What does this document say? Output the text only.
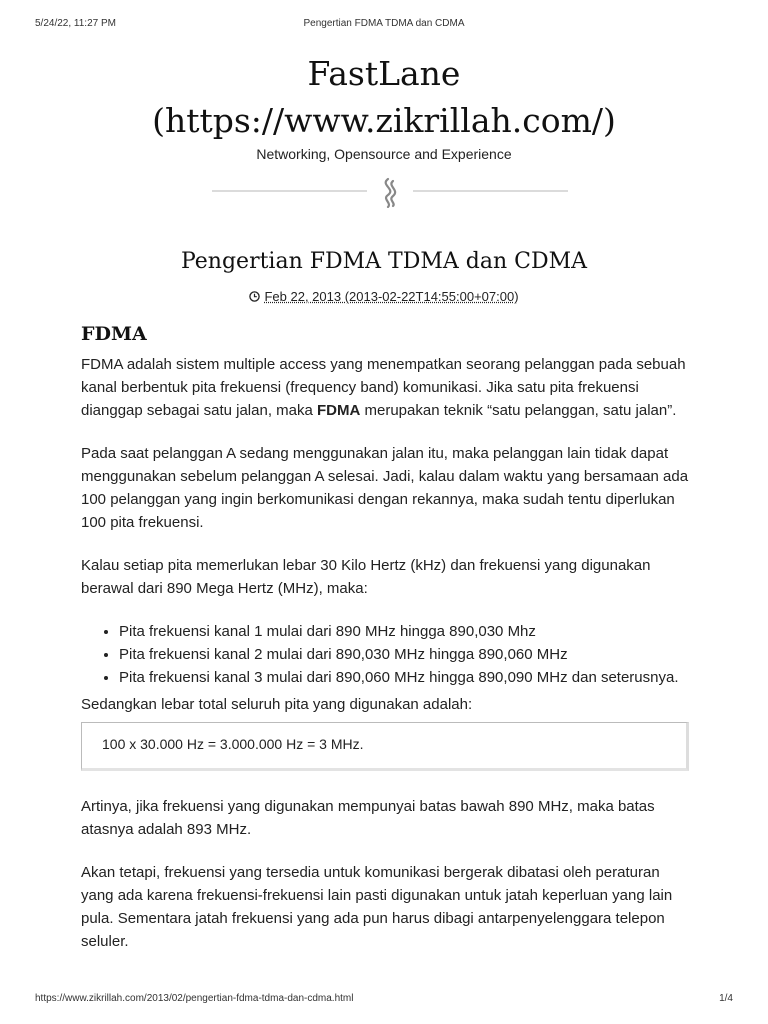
5/24/22, 11:27 PM	Pengertian FDMA TDMA dan CDMA
FastLane
(https://www.zikrillah.com/)
Networking, Opensource and Experience
Pengertian FDMA TDMA dan CDMA
Feb 22, 2013 (2013-02-22T14:55:00+07:00)
FDMA

FDMA adalah sistem multiple access yang menempatkan seorang pelanggan pada sebuah kanal berbentuk pita frekuensi (frequency band) komunikasi. Jika satu pita frekuensi dianggap sebagai satu jalan, maka FDMA merupakan teknik “satu pelanggan, satu jalan”.

Pada saat pelanggan A sedang menggunakan jalan itu, maka pelanggan lain tidak dapat menggunakan sebelum pelanggan A selesai. Jadi, kalau dalam waktu yang bersamaan ada 100 pelanggan yang ingin berkomunikasi dengan rekannya, maka sudah tentu diperlukan 100 pita frekuensi.

Kalau setiap pita memerlukan lebar 30 Kilo Hertz (kHz) dan frekuensi yang digunakan berawal dari 890 Mega Hertz (MHz), maka:

• Pita frekuensi kanal 1 mulai dari 890 MHz hingga 890,030 Mhz
• Pita frekuensi kanal 2 mulai dari 890,030 MHz hingga 890,060 MHz
• Pita frekuensi kanal 3 mulai dari 890,060 MHz hingga 890,090 MHz dan seterusnya.

Sedangkan lebar total seluruh pita yang digunakan adalah:

100 x 30.000 Hz = 3.000.000 Hz = 3 MHz.

Artinya, jika frekuensi yang digunakan mempunyai batas bawah 890 MHz, maka batas atasnya adalah 893 MHz.

Akan tetapi, frekuensi yang tersedia untuk komunikasi bergerak dibatasi oleh peraturan yang ada karena frekuensi-frekuensi lain pasti digunakan untuk jatah keperluan yang lain pula. Sementara jatah frekuensi yang ada pun harus dibagi antarpenyelenggara telepon seluler.

https://www.zikrillah.com/2013/02/pengertian-fdma-tdma-dan-cdma.html	1/4
